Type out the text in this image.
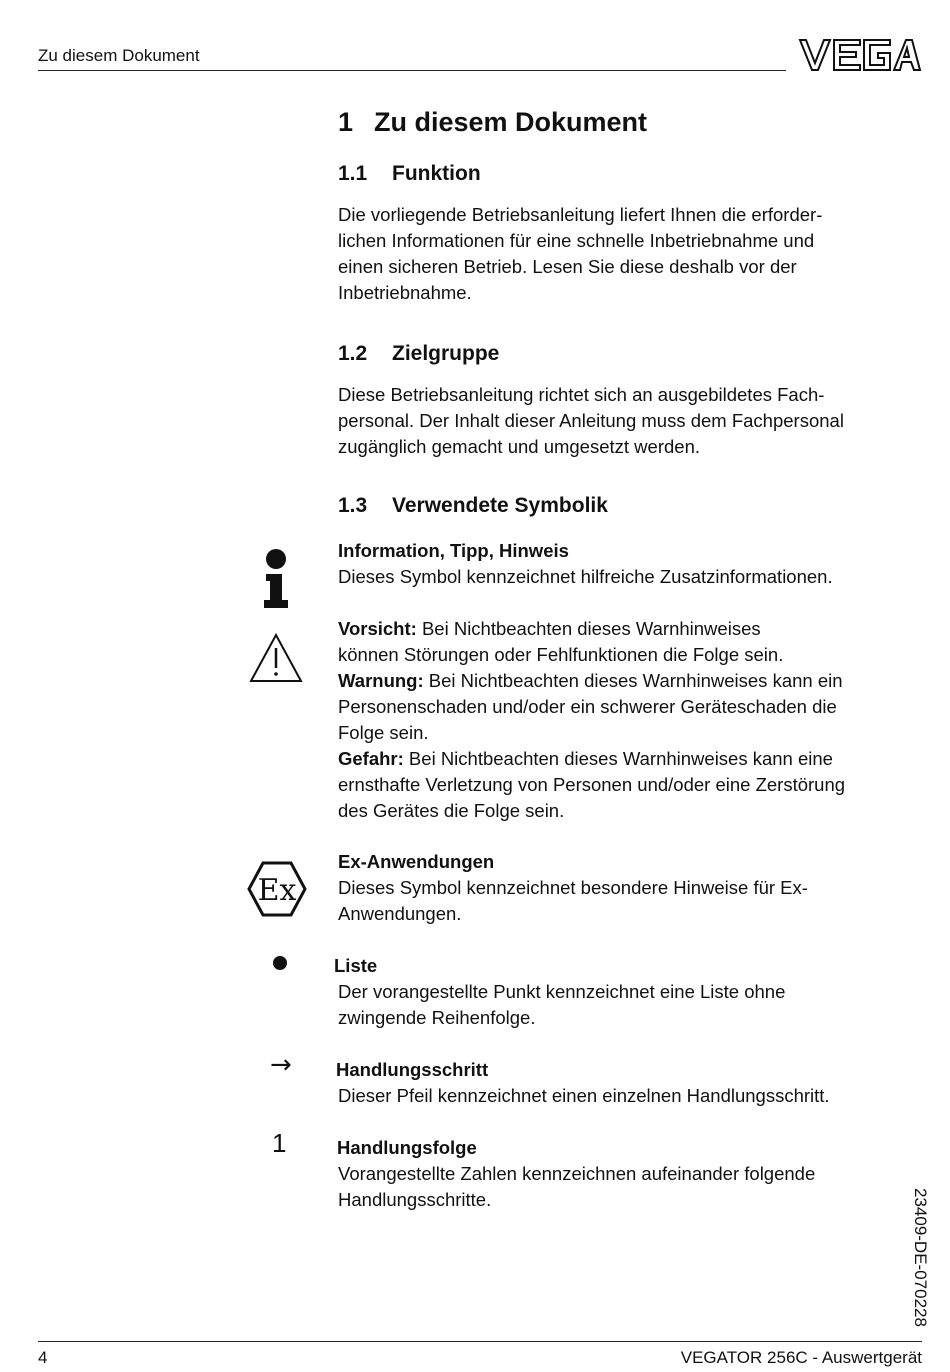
Zu diesem Dokument
1 Zu diesem Dokument
1.1 Funktion
Die vorliegende Betriebsanleitung liefert Ihnen die erforder-
lichen Informationen für eine schnelle Inbetriebnahme und
einen sicheren Betrieb. Lesen Sie diese deshalb vor der
Inbetriebnahme.
1.2 Zielgruppe
Diese Betriebsanleitung richtet sich an ausgebildetes Fach-
personal. Der Inhalt dieser Anleitung muss dem Fachpersonal
zugänglich gemacht und umgesetzt werden.
1.3 Verwendete Symbolik
Information, Tipp, Hinweis
Dieses Symbol kennzeichnet hilfreiche Zusatzinformationen.
Vorsicht: Bei Nichtbeachten dieses Warnhinweises
können Störungen oder Fehlfunktionen die Folge sein.
Warnung: Bei Nichtbeachten dieses Warnhinweises kann ein
Personenschaden und/oder ein schwerer Geräteschaden die
Folge sein.
Gefahr: Bei Nichtbeachten dieses Warnhinweises kann eine
ernsthafte Verletzung von Personen und/oder eine Zerstörung
des Gerätes die Folge sein.
Ex
Ex-Anwendungen
Dieses Symbol kennzeichnet besondere Hinweise für Ex-
Anwendungen.
Liste
Der vorangestellte Punkt kennzeichnet eine Liste ohne
zwingende Reihenfolge.
→ Handlungsschritt
Dieser Pfeil kennzeichnet einen einzelnen Handlungsschritt.
1	Handlungsfolge
Vorangestellte Zahlen kennzeichnen aufeinander folgende
Handlungsschritte.	23409-DE-070228
4	VEGATOR 256C - Auswertgerät
